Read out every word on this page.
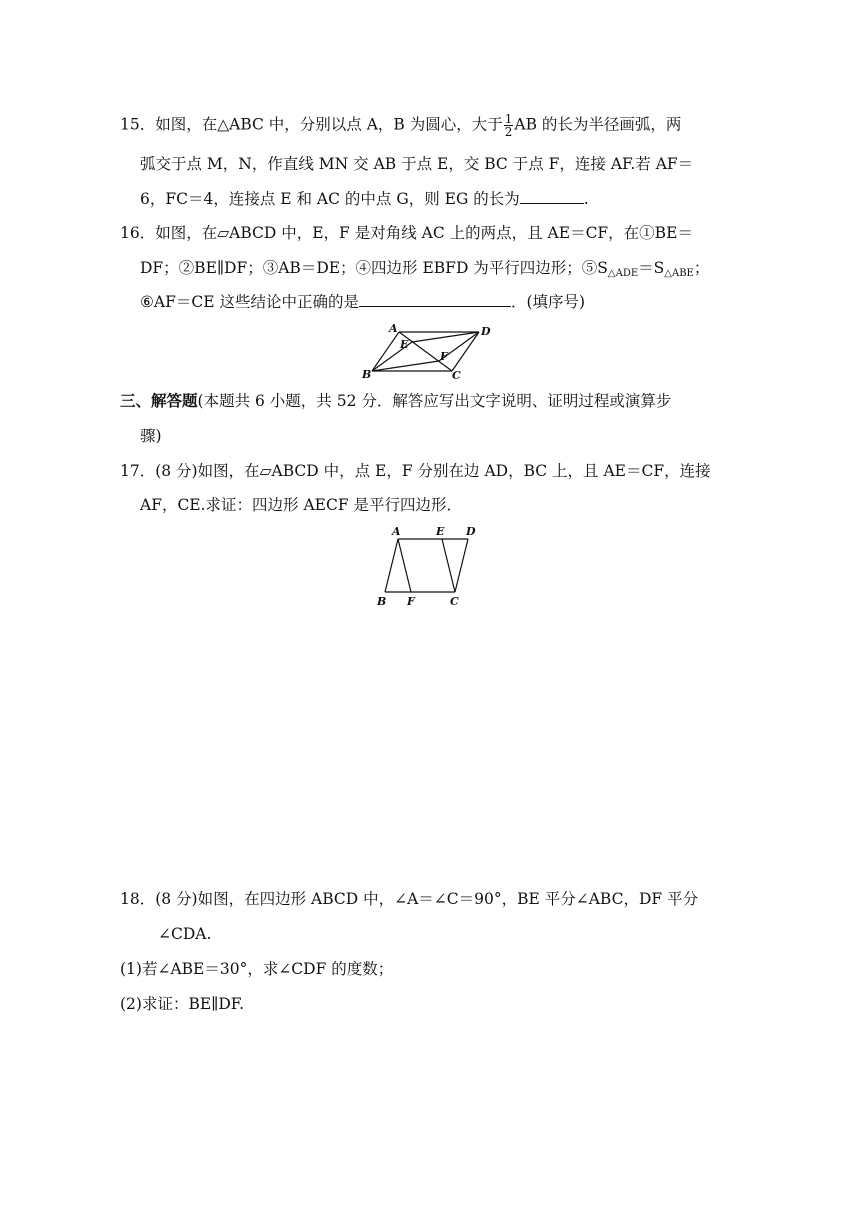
15．如图，在△ABC 中，分别以点 A，B 为圆心，大于 $\frac{1}{2}$ AB 的长为半径画弧，两
弧交于点 M，N，作直线 MN 交 AB 于点 E，交 BC 于点 F，连接 AF.若 AF＝
6，FC＝4，连接点 E 和 AC 的中点 G，则 EG 的长为	.
16．如图，在▱ABCD 中，E，F 是对角线 AC 上的两点，且 AE＝CF，在①BE＝
DF；②BE∥DF；③AB＝DE；④四边形 EBFD 为平行四边形；$⑤S_{\triangle ADE}=S_{\triangle ABE}$；
⑥AF＝CE 这些结论中正确的是	．(填序号)
A	D
E
F
B	C
三、解答题(本题共 6 小题，共 52 分．解答应写出文字说明、证明过程或演算步
骤)
17．(8 分)如图，在▱ABCD 中，点 E，F 分别在边 AD，BC 上，且 AE＝CF，连接
AF，CE.求证：四边形 AECF 是平行四边形．
A	E D
B F	C
18．(8 分)如图，在四边形 ABCD 中，∠A＝∠C＝90°，BE 平分∠ABC，DF 平分
∠CDA.
(1)若∠ABE＝30°，求∠CDF 的度数；
(2)求证：BE∥DF.
